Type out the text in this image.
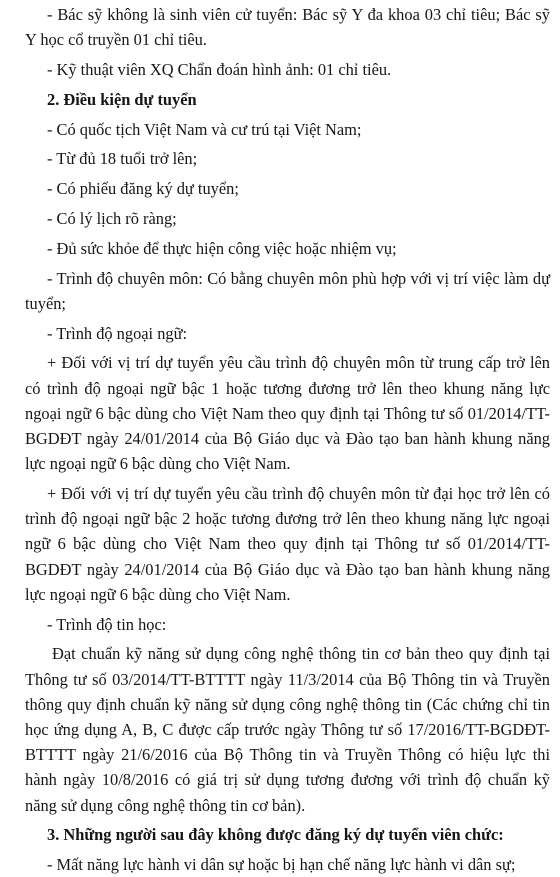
- Bác sỹ không là sinh viên cử tuyển: Bác sỹ Y đa khoa 03 chỉ tiêu; Bác sỹ Y học cổ truyền 01 chỉ tiêu.

- Kỹ thuật viên XQ Chẩn đoán hình ảnh: 01 chỉ tiêu.

2. Điều kiện dự tuyển

- Có quốc tịch Việt Nam và cư trú tại Việt Nam;

- Từ đủ 18 tuổi trở lên;

- Có phiếu đăng ký dự tuyển;

- Có lý lịch rõ ràng;

- Đủ sức khỏe để thực hiện công việc hoặc nhiệm vụ;

- Trình độ chuyên môn: Có bằng chuyên môn phù hợp với vị trí việc làm dự tuyển;

- Trình độ ngoại ngữ:

+ Đối với vị trí dự tuyển yêu cầu trình độ chuyên môn từ trung cấp trở lên có trình độ ngoại ngữ bậc 1 hoặc tương đương trở lên theo khung năng lực ngoại ngữ 6 bậc dùng cho Việt Nam theo quy định tại Thông tư số 01/2014/TT-BGDĐT ngày 24/01/2014 của Bộ Giáo dục và Đào tạo ban hành khung năng lực ngoại ngữ 6 bậc dùng cho Việt Nam.

+ Đối với vị trí dự tuyển yêu cầu trình độ chuyên môn từ đại học trở lên có trình độ ngoại ngữ bậc 2 hoặc tương đương trở lên theo khung năng lực ngoại ngữ 6 bậc dùng cho Việt Nam theo quy định tại Thông tư số 01/2014/TT-BGDĐT ngày 24/01/2014 của Bộ Giáo dục và Đào tạo ban hành khung năng lực ngoại ngữ 6 bậc dùng cho Việt Nam.

- Trình độ tin học:

Đạt chuẩn kỹ năng sử dụng công nghệ thông tin cơ bản theo quy định tại Thông tư số 03/2014/TT-BTTTT ngày 11/3/2014 của Bộ Thông tin và Truyền thông quy định chuẩn kỹ năng sử dụng công nghệ thông tin (Các chứng chỉ tin học ứng dụng A, B, C được cấp trước ngày Thông tư số 17/2016/TT-BGDĐT-BTTTT ngày 21/6/2016 của Bộ Thông tin và Truyền Thông có hiệu lực thi hành ngày 10/8/2016 có giá trị sử dụng tương đương với trình độ chuẩn kỹ năng sử dụng công nghệ thông tin cơ bản).

3. Những người sau đây không được đăng ký dự tuyển viên chức:

- Mất năng lực hành vi dân sự hoặc bị hạn chế năng lực hành vi dân sự;
